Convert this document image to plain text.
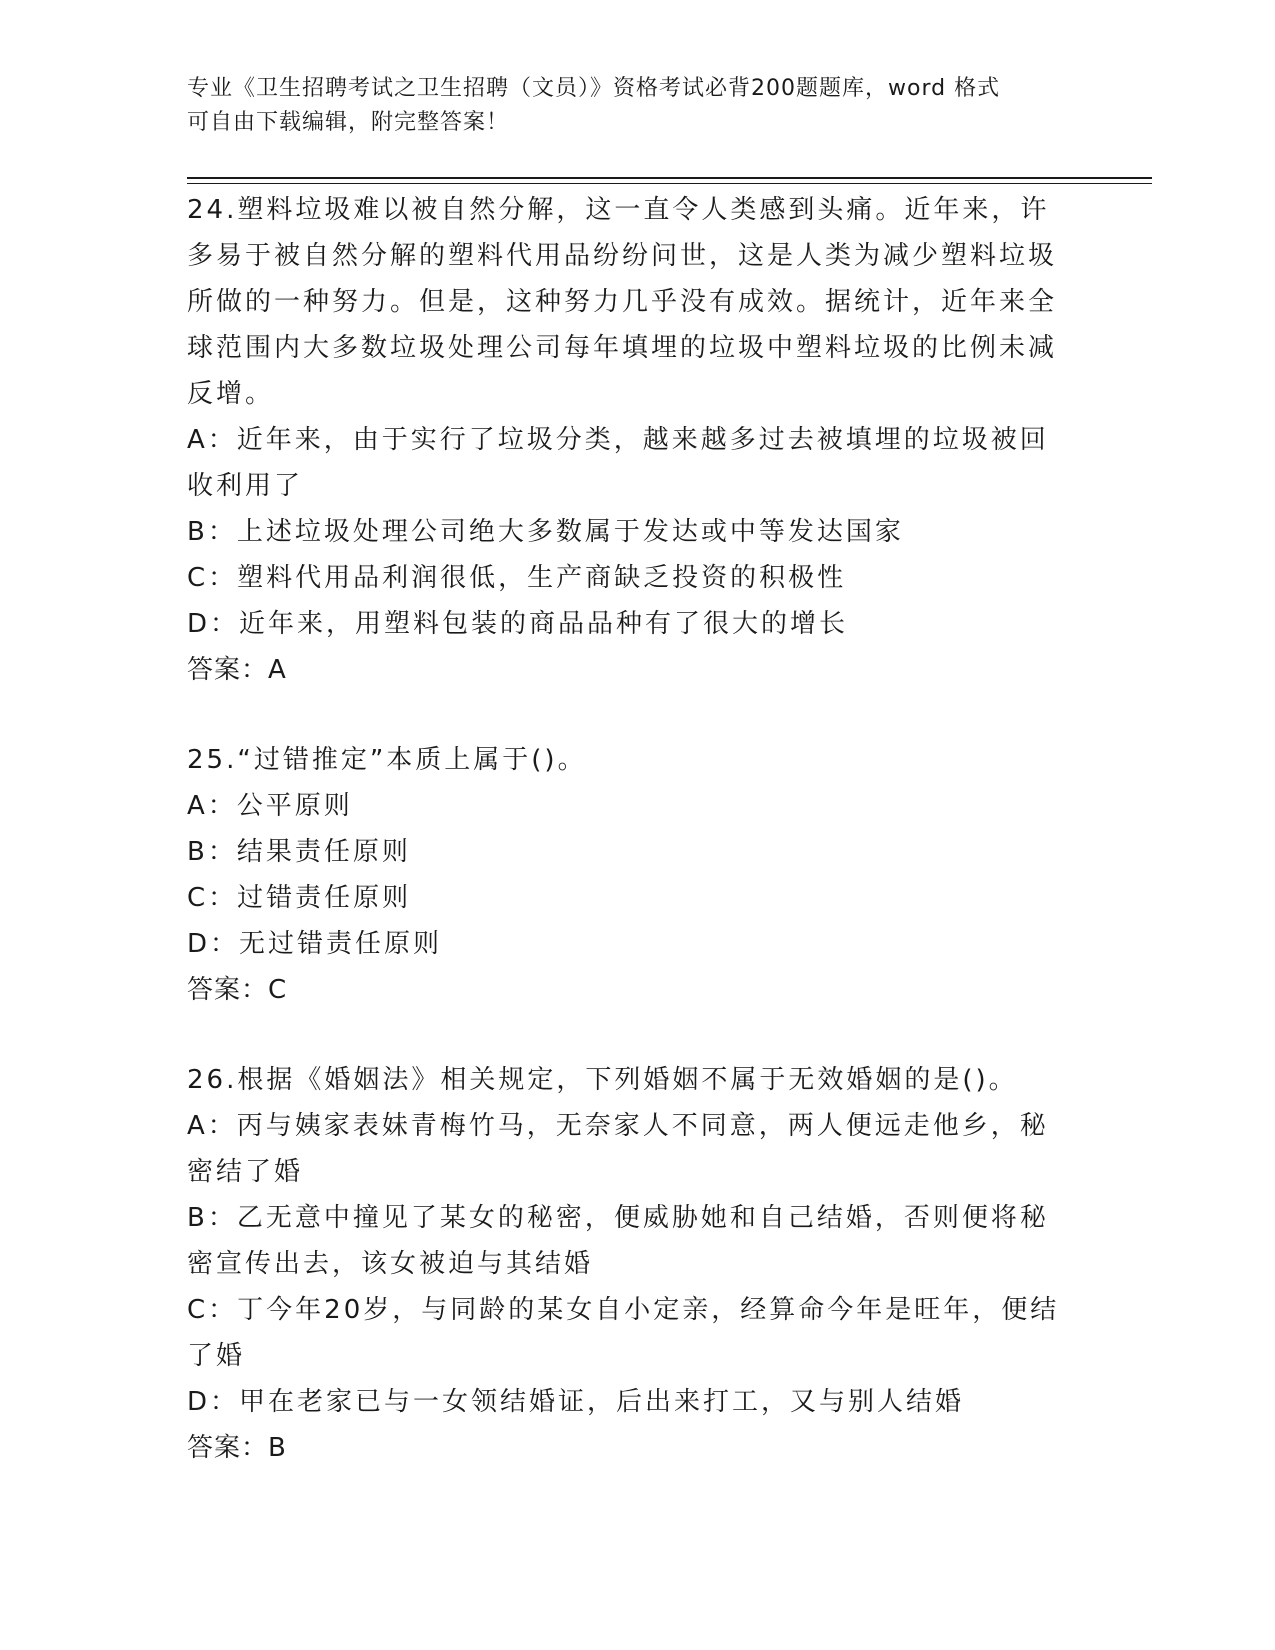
专业《卫生招聘考试之卫生招聘（文员）》资格考试必背200题题库，word 格式
可自由下载编辑，附完整答案！

24.塑料垃圾难以被自然分解，这一直令人类感到头痛。近年来，许多易于被自然分解的塑料代用品纷纷问世，这是人类为减少塑料垃圾所做的一种努力。但是，这种努力几乎没有成效。据统计，近年来全球范围内大多数垃圾处理公司每年填埋的垃圾中塑料垃圾的比例未减反增。

A：近年来，由于实行了垃圾分类，越来越多过去被填埋的垃圾被回收利用了

B：上述垃圾处理公司绝大多数属于发达或中等发达国家

C：塑料代用品利润很低，生产商缺乏投资的积极性

D：近年来，用塑料包装的商品品种有了很大的增长

答案：A

25.“过错推定”本质上属于()。

A：公平原则

B：结果责任原则

C：过错责任原则

D：无过错责任原则

答案：C

26.根据《婚姻法》相关规定，下列婚姻不属于无效婚姻的是()。

A：丙与姨家表妹青梅竹马，无奈家人不同意，两人便远走他乡，秘密结了婚

B：乙无意中撞见了某女的秘密，便威胁她和自己结婚，否则便将秘密宣传出去，该女被迫与其结婚

C：丁今年20岁，与同龄的某女自小定亲，经算命今年是旺年，便结了婚

D：甲在老家已与一女领结婚证，后出来打工，又与别人结婚

答案：B
